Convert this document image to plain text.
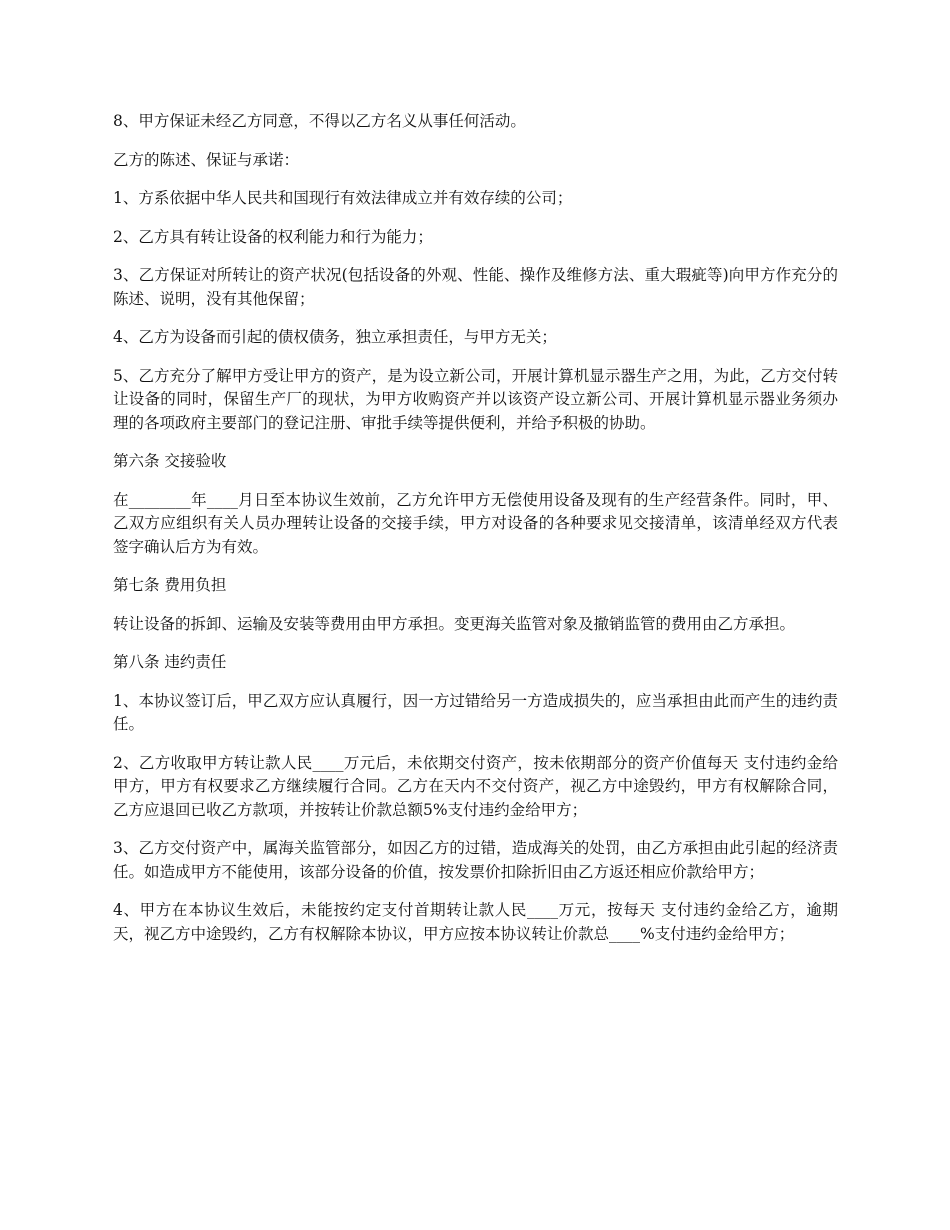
8、甲方保证未经乙方同意，不得以乙方名义从事任何活动。

乙方的陈述、保证与承诺：

1、方系依据中华人民共和国现行有效法律成立并有效存续的公司；

2、乙方具有转让设备的权利能力和行为能力；

3、乙方保证对所转让的资产状况(包括设备的外观、性能、操作及维修方法、重大瑕疵等)向甲方作充分的陈述、说明，没有其他保留；

4、乙方为设备而引起的债权债务，独立承担责任，与甲方无关；

5、乙方充分了解甲方受让甲方的资产，是为设立新公司，开展计算机显示器生产之用，为此，乙方交付转让设备的同时，保留生产厂的现状，为甲方收购资产并以该资产设立新公司、开展计算机显示器业务须办理的各项政府主要部门的登记注册、审批手续等提供便利，并给予积极的协助。

第六条 交接验收

在________年____月日至本协议生效前，乙方允许甲方无偿使用设备及现有的生产经营条件。同时，甲、乙双方应组织有关人员办理转让设备的交接手续，甲方对设备的各种要求见交接清单，该清单经双方代表签字确认后方为有效。

第七条 费用负担

转让设备的拆卸、运输及安装等费用由甲方承担。变更海关监管对象及撤销监管的费用由乙方承担。

第八条 违约责任

1、本协议签订后，甲乙双方应认真履行，因一方过错给另一方造成损失的，应当承担由此而产生的违约责任。

2、乙方收取甲方转让款人民____万元后，未依期交付资产，按未依期部分的资产价值每天 支付违约金给甲方，甲方有权要求乙方继续履行合同。乙方在天内不交付资产，视乙方中途毁约，甲方有权解除合同，乙方应退回已收乙方款项，并按转让价款总额5%支付违约金给甲方；

3、乙方交付资产中，属海关监管部分，如因乙方的过错，造成海关的处罚，由乙方承担由此引起的经济责任。如造成甲方不能使用，该部分设备的价值，按发票价扣除折旧由乙方返还相应价款给甲方；

4、甲方在本协议生效后，未能按约定支付首期转让款人民____万元，按每天 支付违约金给乙方，逾期天，视乙方中途毁约，乙方有权解除本协议，甲方应按本协议转让价款总____%支付违约金给甲方；
